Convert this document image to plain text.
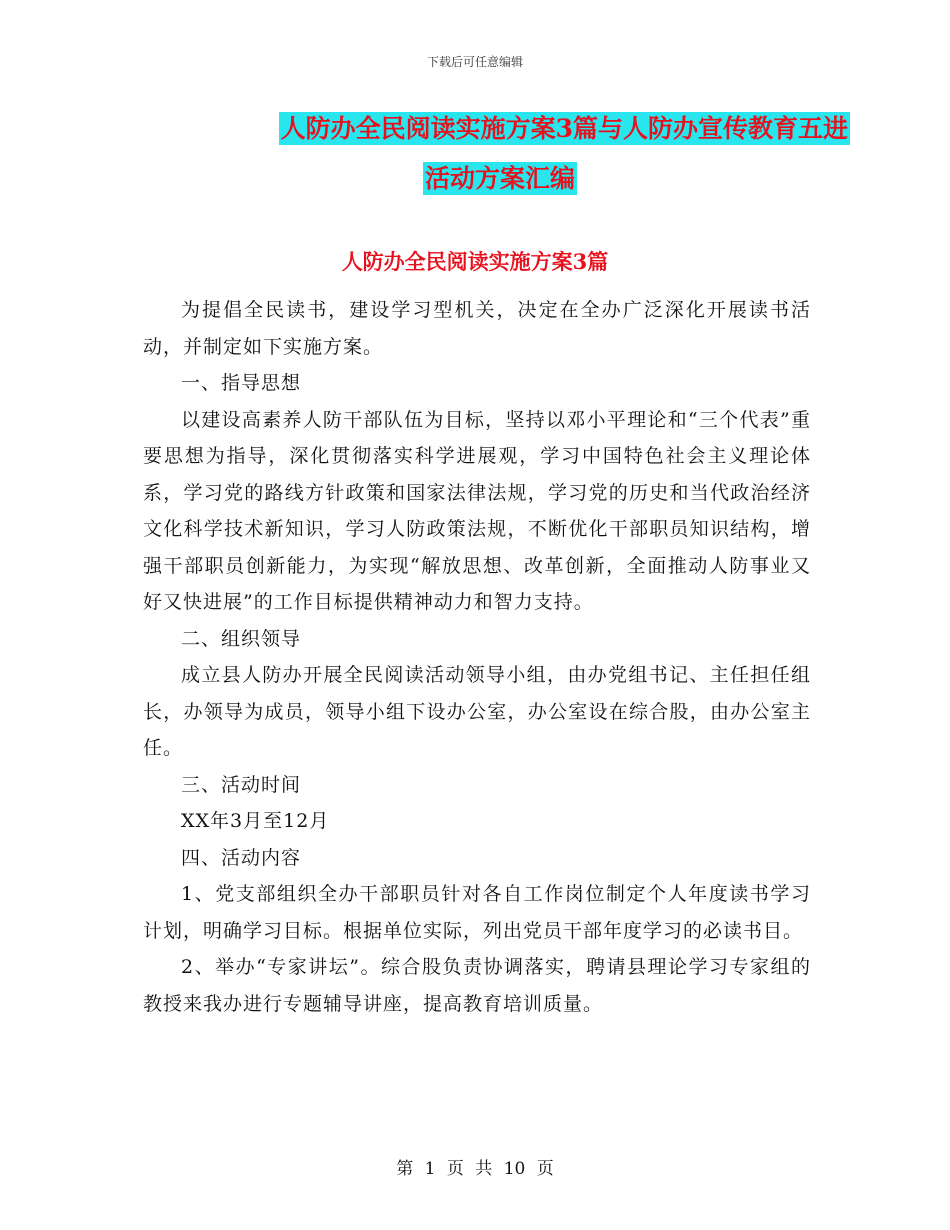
下载后可任意编辑
人防办全民阅读实施方案3篇与人防办宣传教育五进
活动方案汇编
人防办全民阅读实施方案3篇

为提倡全民读书，建设学习型机关，决定在全办广泛深化开展读书活动，并制定如下实施方案。

一、指导思想

以建设高素养人防干部队伍为目标，坚持以邓小平理论和“三个代表”重要思想为指导，深化贯彻落实科学进展观，学习中国特色社会主义理论体系，学习党的路线方针政策和国家法律法规，学习党的历史和当代政治经济文化科学技术新知识，学习人防政策法规，不断优化干部职员知识结构，增强干部职员创新能力，为实现“解放思想、改革创新，全面推动人防事业又好又快进展”的工作目标提供精神动力和智力支持。

二、组织领导

成立县人防办开展全民阅读活动领导小组，由办党组书记、主任担任组长，办领导为成员，领导小组下设办公室，办公室设在综合股，由办公室主任。

三、活动时间

XX年3月至12月

四、活动内容

1、党支部组织全办干部职员针对各自工作岗位制定个人年度读书学习计划，明确学习目标。根据单位实际，列出党员干部年度学习的必读书目。

2、举办“专家讲坛”。综合股负责协调落实，聘请县理论学习专家组的教授来我办进行专题辅导讲座，提高教育培训质量。

第 1 页 共 10 页
